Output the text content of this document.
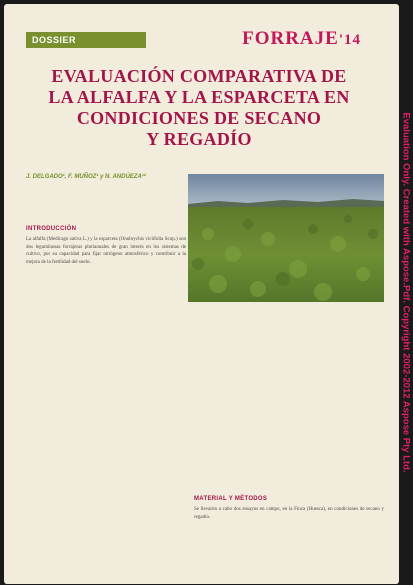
DOSSIER	FORRAJE'14
EVALUACIÓN COMPARATIVA DE
LA ALFALFA Y LA ESPARCETA EN
CONDICIONES DE SECANO
Y REGADÍO
J. DELGADO¹, F. MUÑOZ¹ y N. ANDÚEZA¹²
INTRODUCCIÓN
La alfalfa (Medicago sativa L.) y la esparceta (Onobrychis viciifolia Scop.) son dos leguminosas forrajeras plurianuales de gran interés en los sistemas de cultivo, por su capacidad para fijar nitrógeno atmosférico y contribuir a la mejora de la fertilidad del suelo.
MATERIAL Y MÉTODOS
Se llevaron a cabo dos ensayos en campo, en la Finca (Huesca), en condiciones de secano y regadío.
Evaluation Only. Created with Aspose.Pdf. Copyright 2002-2012 Aspose Pty Ltd.
